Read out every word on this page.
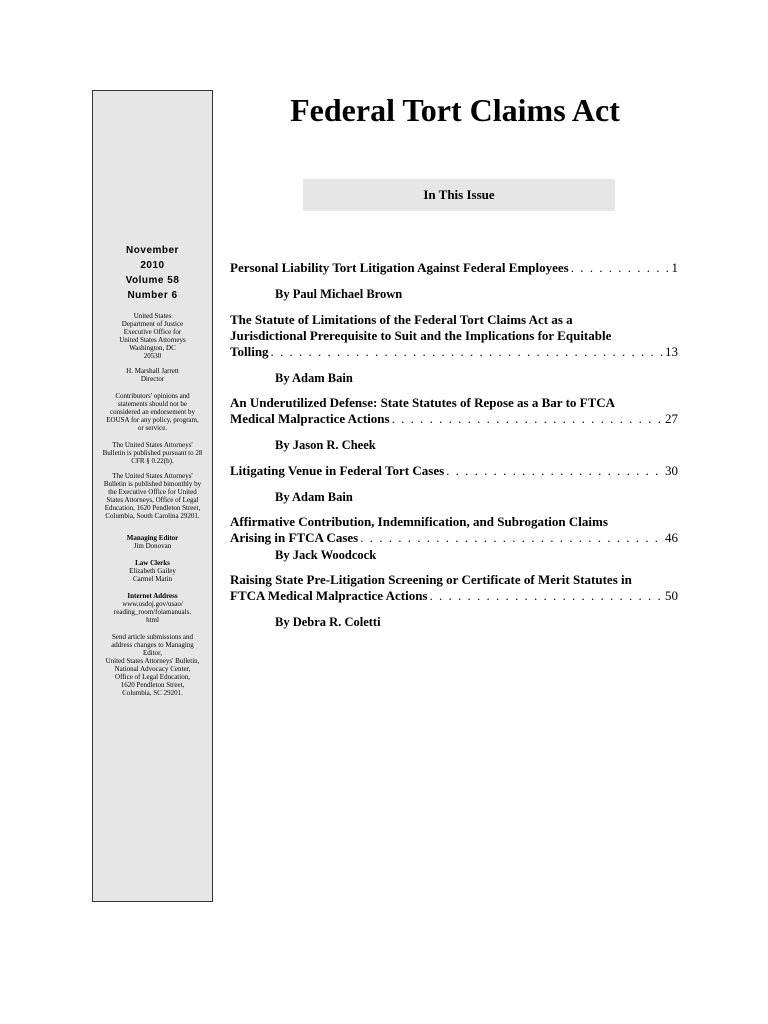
November
2010
Volume 58
Number 6
United States
Department of Justice
Executive Office for
United States Attorneys
Washington, DC
20530
H. Marshall Jarrett
Director
Contributors' opinions and
statements should not be
considered an endorsement by
EOUSA for any policy, program,
or service.
The United States Attorneys'
Bulletin is published pursuant to 28
CFR § 0.22(b).
The United States Attorneys'
Bulletin is published bimonthly by
the Executive Office for United
States Attorneys, Office of Legal
Education, 1620 Pendleton Street,
Columbia, South Carolina 29201.
Managing Editor
Jim Donovan
Law Clerks
Elizabeth Gailey
Carmel Matin
Internet Address
www.usdoj.gov/usao/
reading_room/foiamanuals.
html
Send article submissions and
address changes to Managing
Editor,
United States Attorneys' Bulletin,
National Advocacy Center,
Office of Legal Education,
1620 Pendleton Street,
Columbia, SC 29201.
Federal Tort Claims Act
In This Issue
Personal Liability Tort Litigation Against Federal Employees . . .	1
By Paul Michael Brown
The Statute of Limitations of the Federal Tort Claims Act as a
Jurisdictional Prerequisite to Suit and the Implications for Equitable
Tolling . . .	13
By Adam Bain
An Underutilized Defense: State Statutes of Repose as a Bar to FTCA
Medical Malpractice Actions . . .	27
By Jason R. Cheek
Litigating Venue in Federal Tort Cases . . .	30
By Adam Bain
Affirmative Contribution, Indemnification, and Subrogation Claims
Arising in FTCA Cases . . .	46
By Jack Woodcock
Raising State Pre-Litigation Screening or Certificate of Merit Statutes in
FTCA Medical Malpractice Actions . . .	50
By Debra R. Coletti
